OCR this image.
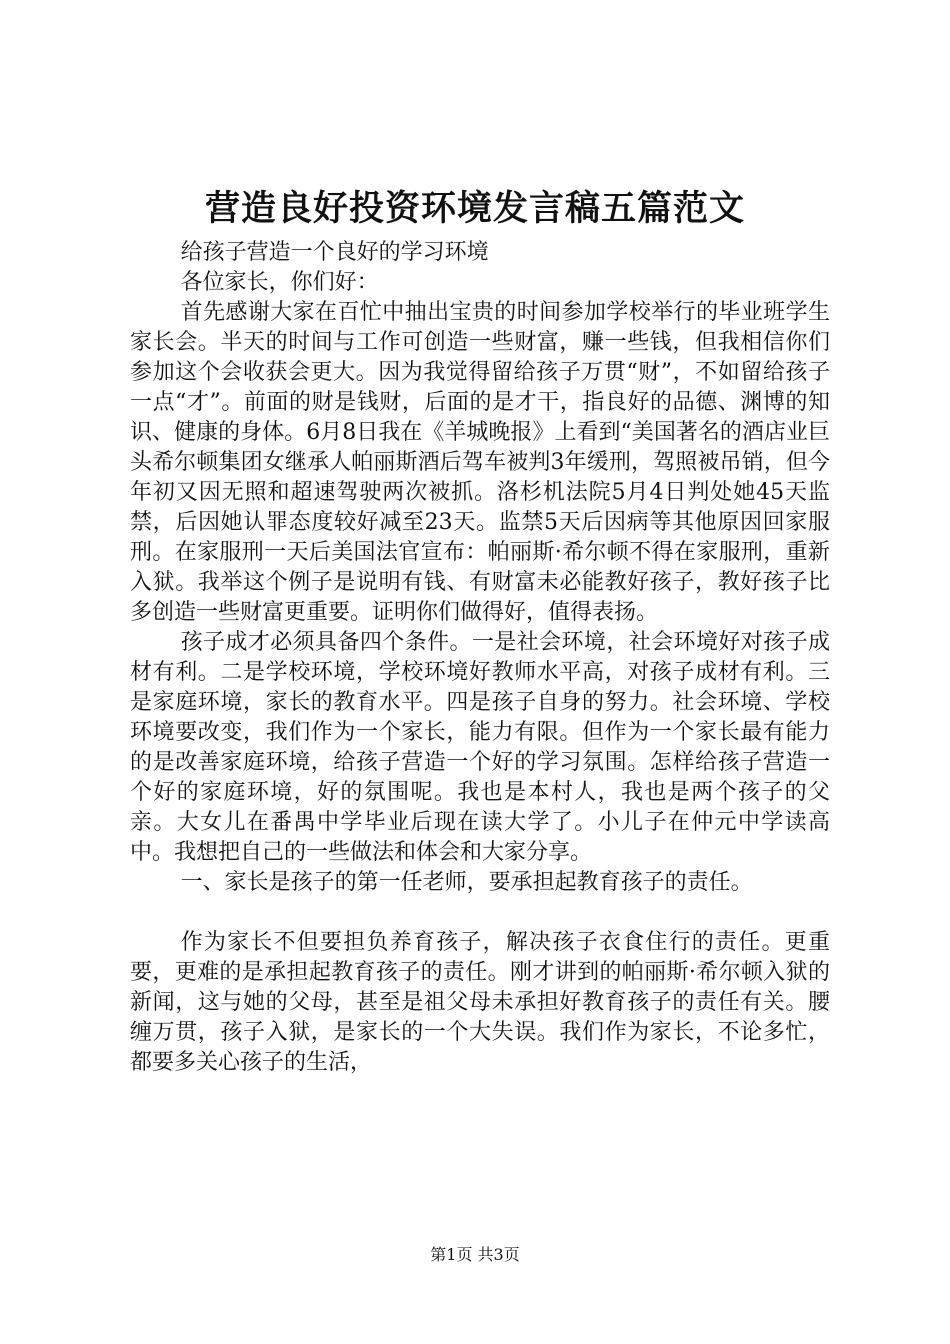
营造良好投资环境发言稿五篇范文

给孩子营造一个良好的学习环境

各位家长，你们好：

首先感谢大家在百忙中抽出宝贵的时间参加学校举行的毕业班学生家长会。半天的时间与工作可创造一些财富，赚一些钱，但我相信你们参加这个会收获会更大。因为我觉得留给孩子万贯“财”，不如留给孩子一点“才”。前面的财是钱财，后面的是才干，指良好的品德、渊博的知识、健康的身体。6月8日我在《羊城晚报》上看到“美国著名的酒店业巨头希尔顿集团女继承人帕丽斯酒后驾车被判3年缓刑，驾照被吊销，但今年初又因无照和超速驾驶两次被抓。洛杉机法院5月4日判处她45天监禁，后因她认罪态度较好减至23天。监禁5天后因病等其他原因回家服刑。在家服刑一天后美国法官宣布：帕丽斯·希尔顿不得在家服刑，重新入狱。我举这个例子是说明有钱、有财富未必能教好孩子，教好孩子比多创造一些财富更重要。证明你们做得好，值得表扬。

孩子成才必须具备四个条件。一是社会环境，社会环境好对孩子成材有利。二是学校环境，学校环境好教师水平高，对孩子成材有利。三是家庭环境，家长的教育水平。四是孩子自身的努力。社会环境、学校环境要改变，我们作为一个家长，能力有限。但作为一个家长最有能力的是改善家庭环境，给孩子营造一个好的学习氛围。怎样给孩子营造一个好的家庭环境，好的氛围呢。我也是本村人，我也是两个孩子的父亲。大女儿在番禺中学毕业后现在读大学了。小儿子在仲元中学读高中。我想把自己的一些做法和体会和大家分享。

一、家长是孩子的第一任老师，要承担起教育孩子的责任。

作为家长不但要担负养育孩子，解决孩子衣食住行的责任。更重要，更难的是承担起教育孩子的责任。刚才讲到的帕丽斯·希尔顿入狱的新闻，这与她的父母，甚至是祖父母未承担好教育孩子的责任有关。腰缠万贯，孩子入狱，是家长的一个大失误。我们作为家长，不论多忙，都要多关心孩子的生活，

第1页 共3页
